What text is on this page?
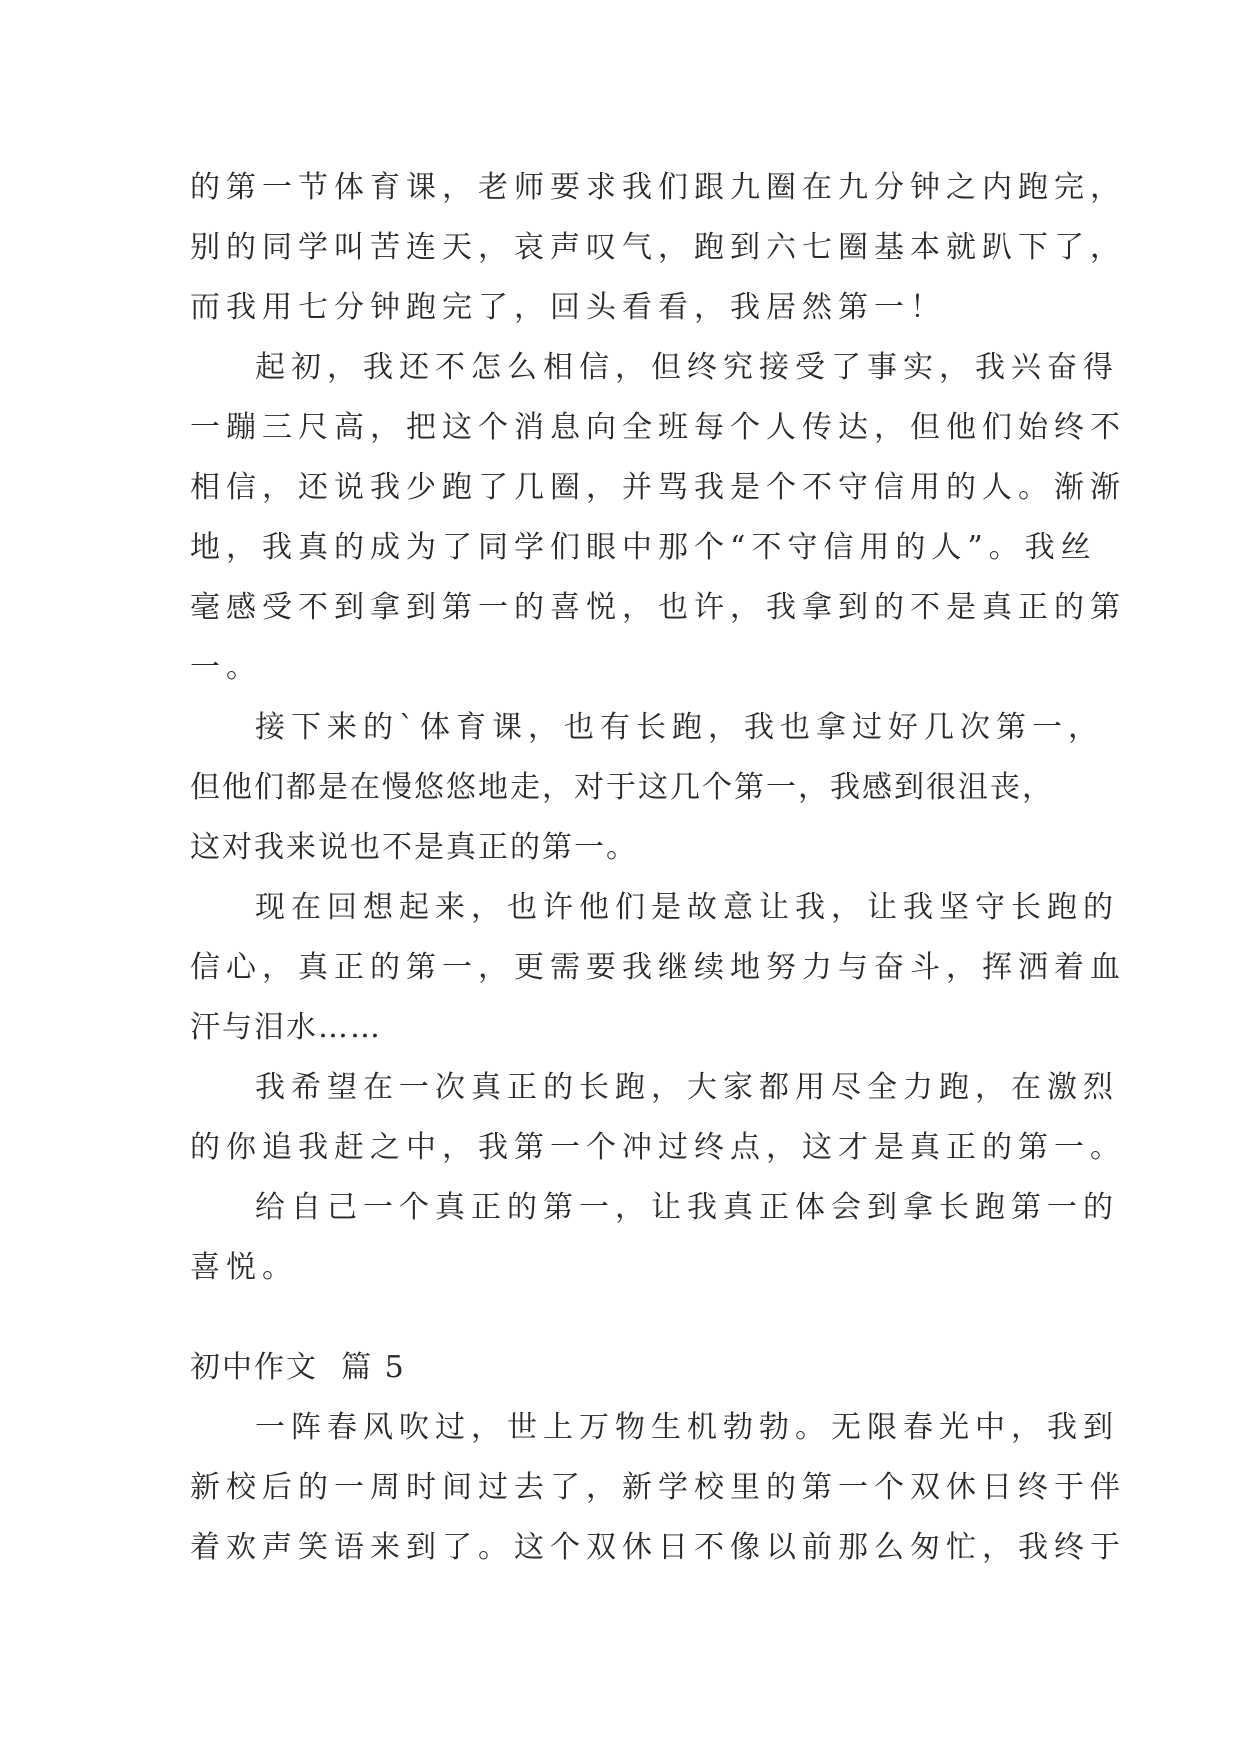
的第一节体育课，老师要求我们跟九圈在九分钟之内跑完，
别的同学叫苦连天，哀声叹气，跑到六七圈基本就趴下了，
而我用七分钟跑完了，回头看看，我居然第一！
起初，我还不怎么相信，但终究接受了事实，我兴奋得
一蹦三尺高，把这个消息向全班每个人传达，但他们始终不
相信，还说我少跑了几圈，并骂我是个不守信用的人。渐渐
地，我真的成为了同学们眼中那个“不守信用的人”。我丝
毫感受不到拿到第一的喜悦，也许，我拿到的不是真正的第
一。
接下来的`体育课，也有长跑，我也拿过好几次第一，
但他们都是在慢悠悠地走，对于这几个第一，我感到很沮丧，
这对我来说也不是真正的第一。
现在回想起来，也许他们是故意让我，让我坚守长跑的
信心，真正的第一，更需要我继续地努力与奋斗，挥洒着血
汗与泪水……
我希望在一次真正的长跑，大家都用尽全力跑，在激烈
的你追我赶之中，我第一个冲过终点，这才是真正的第一。
给自己一个真正的第一，让我真正体会到拿长跑第一的
喜悦。
初中作文  篇 5
一阵春风吹过，世上万物生机勃勃。无限春光中，我到
新校后的一周时间过去了，新学校里的第一个双休日终于伴
着欢声笑语来到了。这个双休日不像以前那么匆忙，我终于
